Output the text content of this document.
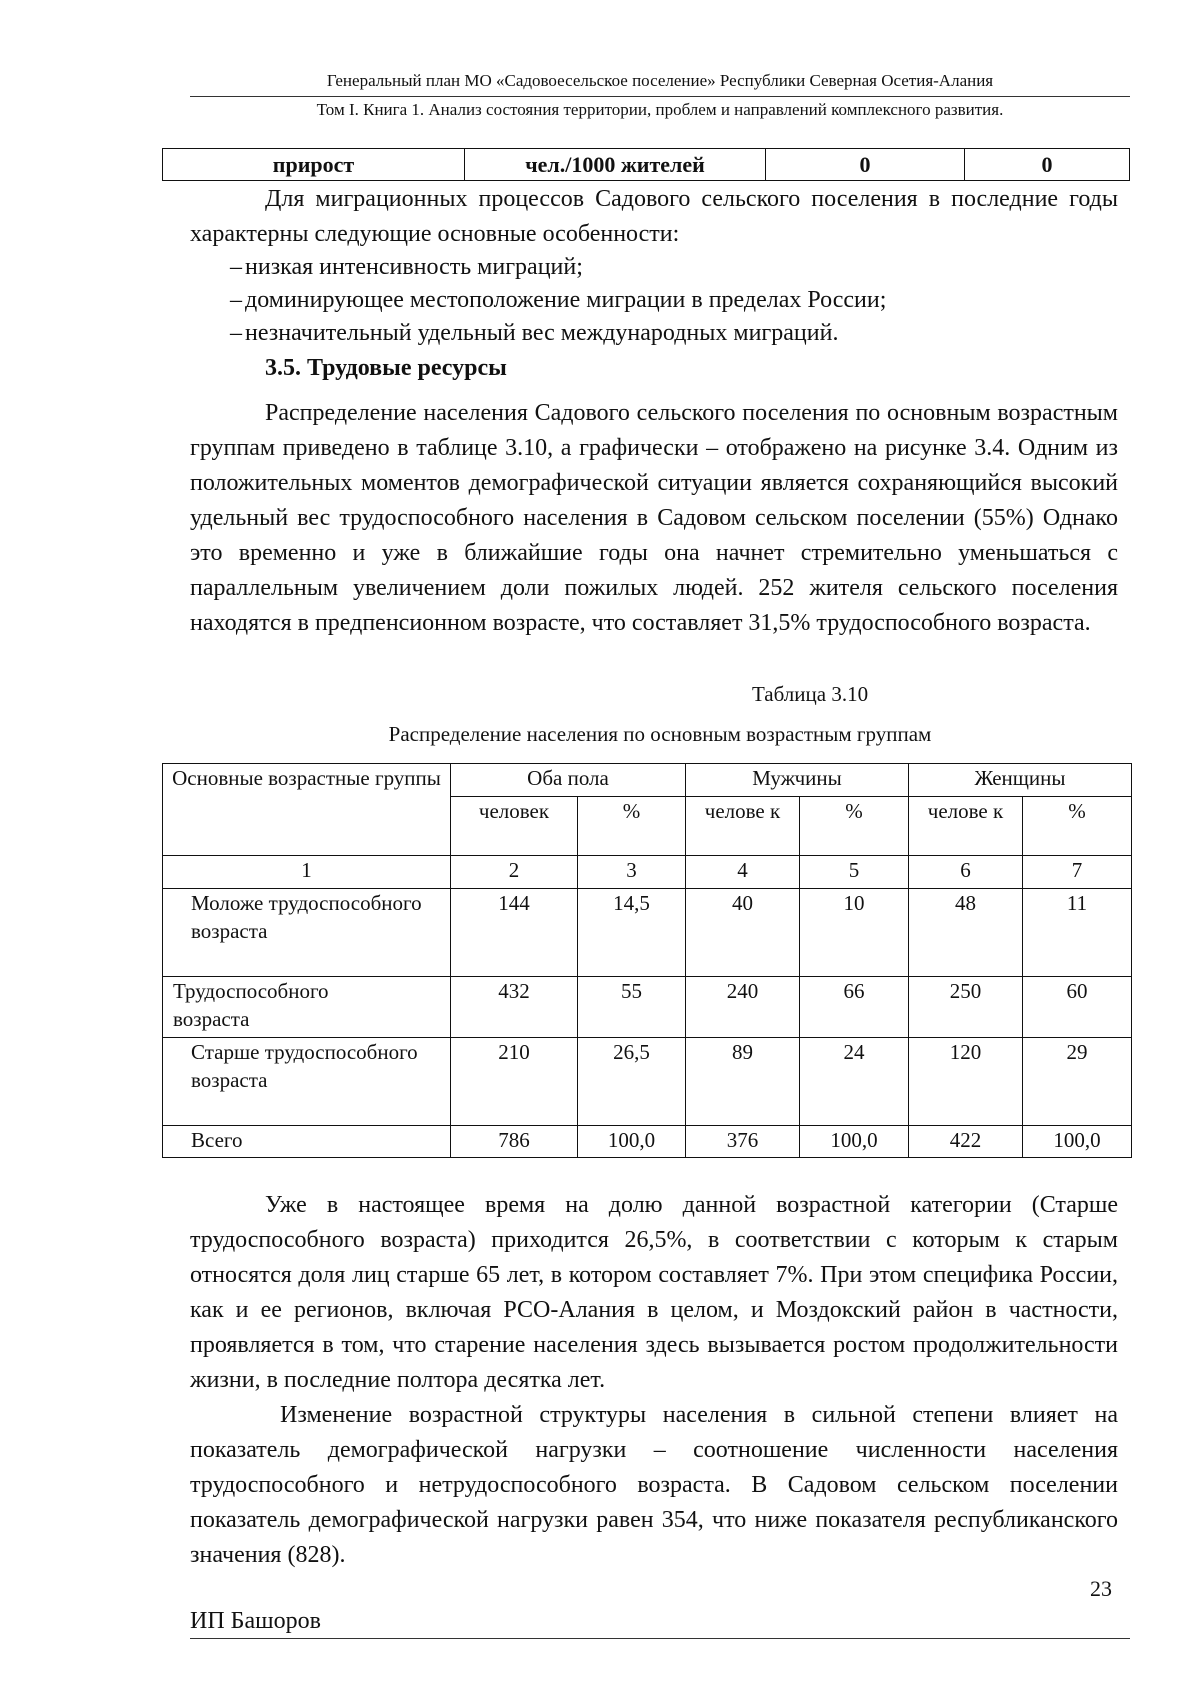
Генеральный план МО «Садовоесельское поселение» Республики Северная Осетия-Алания
Том I. Книга 1. Анализ состояния территории, проблем и направлений комплексного развития.
прирост	чел./1000 жителей	0	0
Для миграционных процессов Садового сельского поселения в последние годы характерны следующие основные особенности:
– низкая интенсивность миграций;
– доминирующее местоположение миграции в пределах России;
– незначительный удельный вес международных миграций.
3.5. Трудовые ресурсы
Распределение населения Садового сельского поселения по основным возрастным группам приведено в таблице 3.10, а графически – отображено на рисунке 3.4. Одним из положительных моментов демографической ситуации является сохраняющийся высокий удельный вес трудоспособного населения в Садовом сельском поселении (55%) Однако это временно и уже в ближайшие годы она начнет стремительно уменьшаться с параллельным увеличением доли пожилых людей. 252 жителя сельского поселения находятся в предпенсионном возрасте, что составляет 31,5% трудоспособного возраста.
Таблица 3.10
Распределение населения по основным возрастным группам
Основные возрастные группы	Оба пола		Мужчины		Женщины	
	человек	%	челове к	%	челове к	%
1	2	3	4	5	6	7
Моложе трудоспособного возраста	144	14,5	40	10	48	11
Трудоспособного возраста	432	55	240	66	250	60
Старше трудоспособного возраста	210	26,5	89	24	120	29
Всего	786	100,0	376	100,0	422	100,0
Уже в настоящее время на долю данной возрастной категории (Старше трудоспособного возраста) приходится 26,5%, в соответствии с которым к старым относятся доля лиц старше 65 лет, в котором составляет 7%. При этом специфика России, как и ее регионов, включая РСО-Алания в целом, и Моздокский район в частности, проявляется в том, что старение населения здесь вызывается ростом продолжительности жизни, в последние полтора десятка лет.
Изменение возрастной структуры населения в сильной степени влияет на показатель демографической нагрузки – соотношение численности населения трудоспособного и нетрудоспособного возраста. В Садовом сельском поселении показатель демографической нагрузки равен 354, что ниже показателя республиканского значения (828).
23
ИП Башоров
